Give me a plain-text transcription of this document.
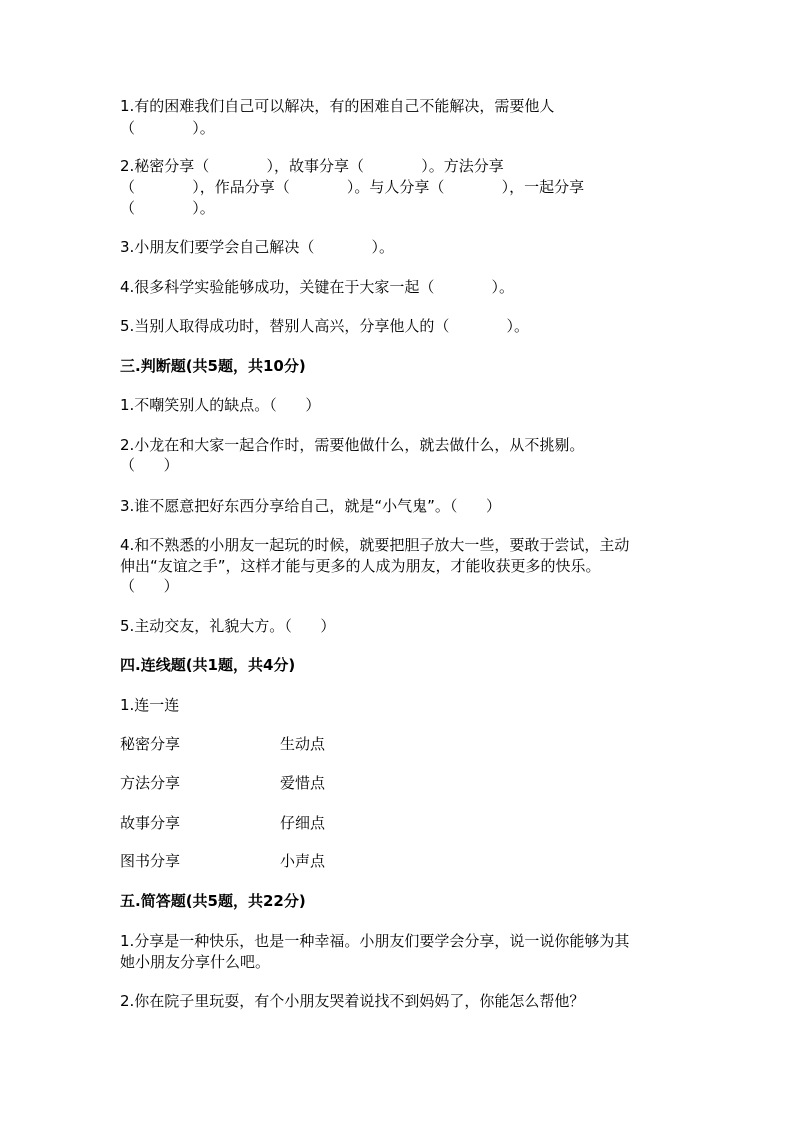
1.有的困难我们自己可以解决，有的困难自己不能解决，需要他人

（            ）。

2.秘密分享（            ），故事分享（            ）。方法分享

（            ），作品分享（            ）。与人分享（            ），一起分享

（            ）。

3.小朋友们要学会自己解决（            ）。

4.很多科学实验能够成功，关键在于大家一起（            ）。

5.当别人取得成功时，替别人高兴，分享他人的（            ）。

三.判断题(共5题，共10分)

1.不嘲笑别人的缺点。（      ）

2.小龙在和大家一起合作时，需要他做什么，就去做什么，从不挑剔。

（      ）

3.谁不愿意把好东西分享给自己，就是“小气鬼”。（      ）

4.和不熟悉的小朋友一起玩的时候，就要把胆子放大一些，要敢于尝试，主动

伸出“友谊之手”，这样才能与更多的人成为朋友，才能收获更多的快乐。

（      ）

5.主动交友，礼貌大方。（      ）

四.连线题(共1题，共4分)

1.连一连

秘密分享	生动点
方法分享	爱惜点
故事分享	仔细点
图书分享	小声点

五.简答题(共5题，共22分)

1.分享是一种快乐，也是一种幸福。小朋友们要学会分享，说一说你能够为其

她小朋友分享什么吧。

2.你在院子里玩耍，有个小朋友哭着说找不到妈妈了，你能怎么帮他？
